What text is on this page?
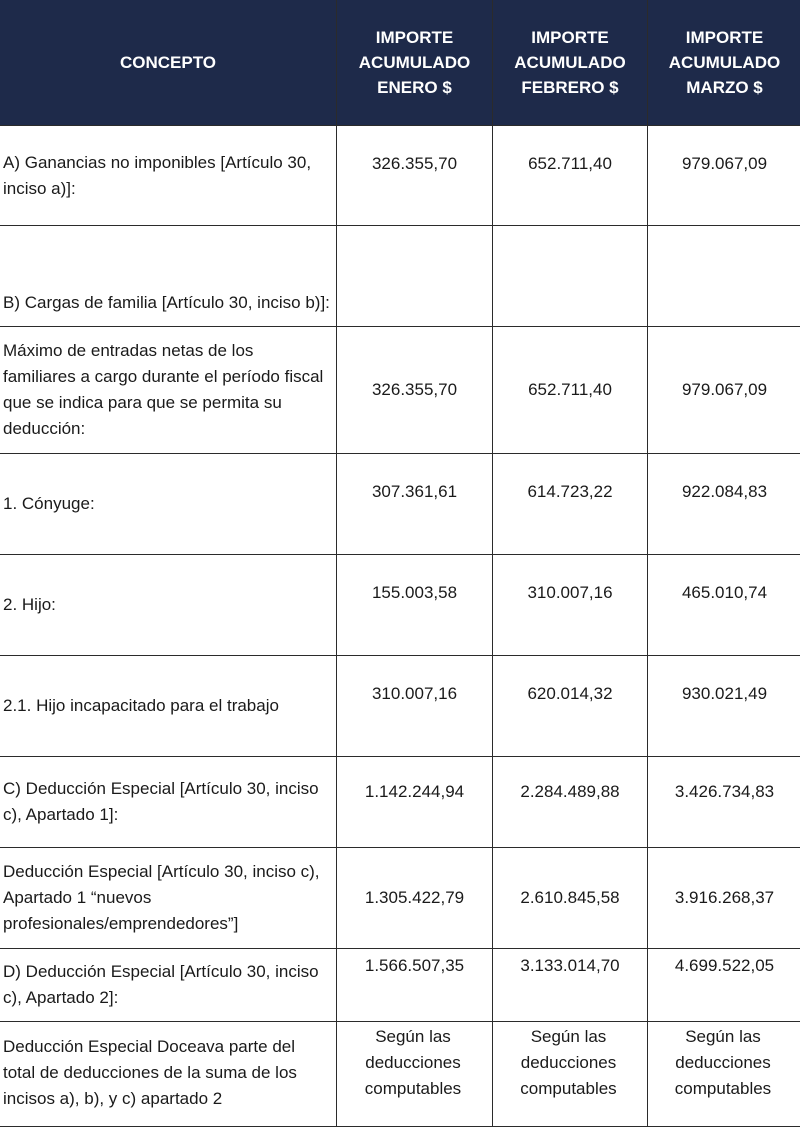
CONCEPTO	IMPORTE ACUMULADO ENERO $	IMPORTE ACUMULADO FEBRERO $	IMPORTE ACUMULADO MARZO $
A) Ganancias no imponibles [Artículo 30, inciso a)]:	326.355,70	652.711,40	979.067,09
B) Cargas de familia [Artículo 30, inciso b)]:			
Máximo de entradas netas de los familiares a cargo durante el período fiscal que se indica para que se permita su deducción:	326.355,70	652.711,40	979.067,09
1. Cónyuge:	307.361,61	614.723,22	922.084,83
2. Hijo:	155.003,58	310.007,16	465.010,74
2.1. Hijo incapacitado para el trabajo	310.007,16	620.014,32	930.021,49
C) Deducción Especial [Artículo 30, inciso c), Apartado 1]:	1.142.244,94	2.284.489,88	3.426.734,83
Deducción Especial [Artículo 30, inciso c), Apartado 1 “nuevos profesionales/emprendedores”]	1.305.422,79	2.610.845,58	3.916.268,37
D) Deducción Especial [Artículo 30, inciso c), Apartado 2]:	1.566.507,35	3.133.014,70	4.699.522,05
Deducción Especial Doceava parte del total de deducciones de la suma de los incisos a), b), y c) apartado 2	Según las deducciones computables	Según las deducciones computables	Según las deducciones computables
